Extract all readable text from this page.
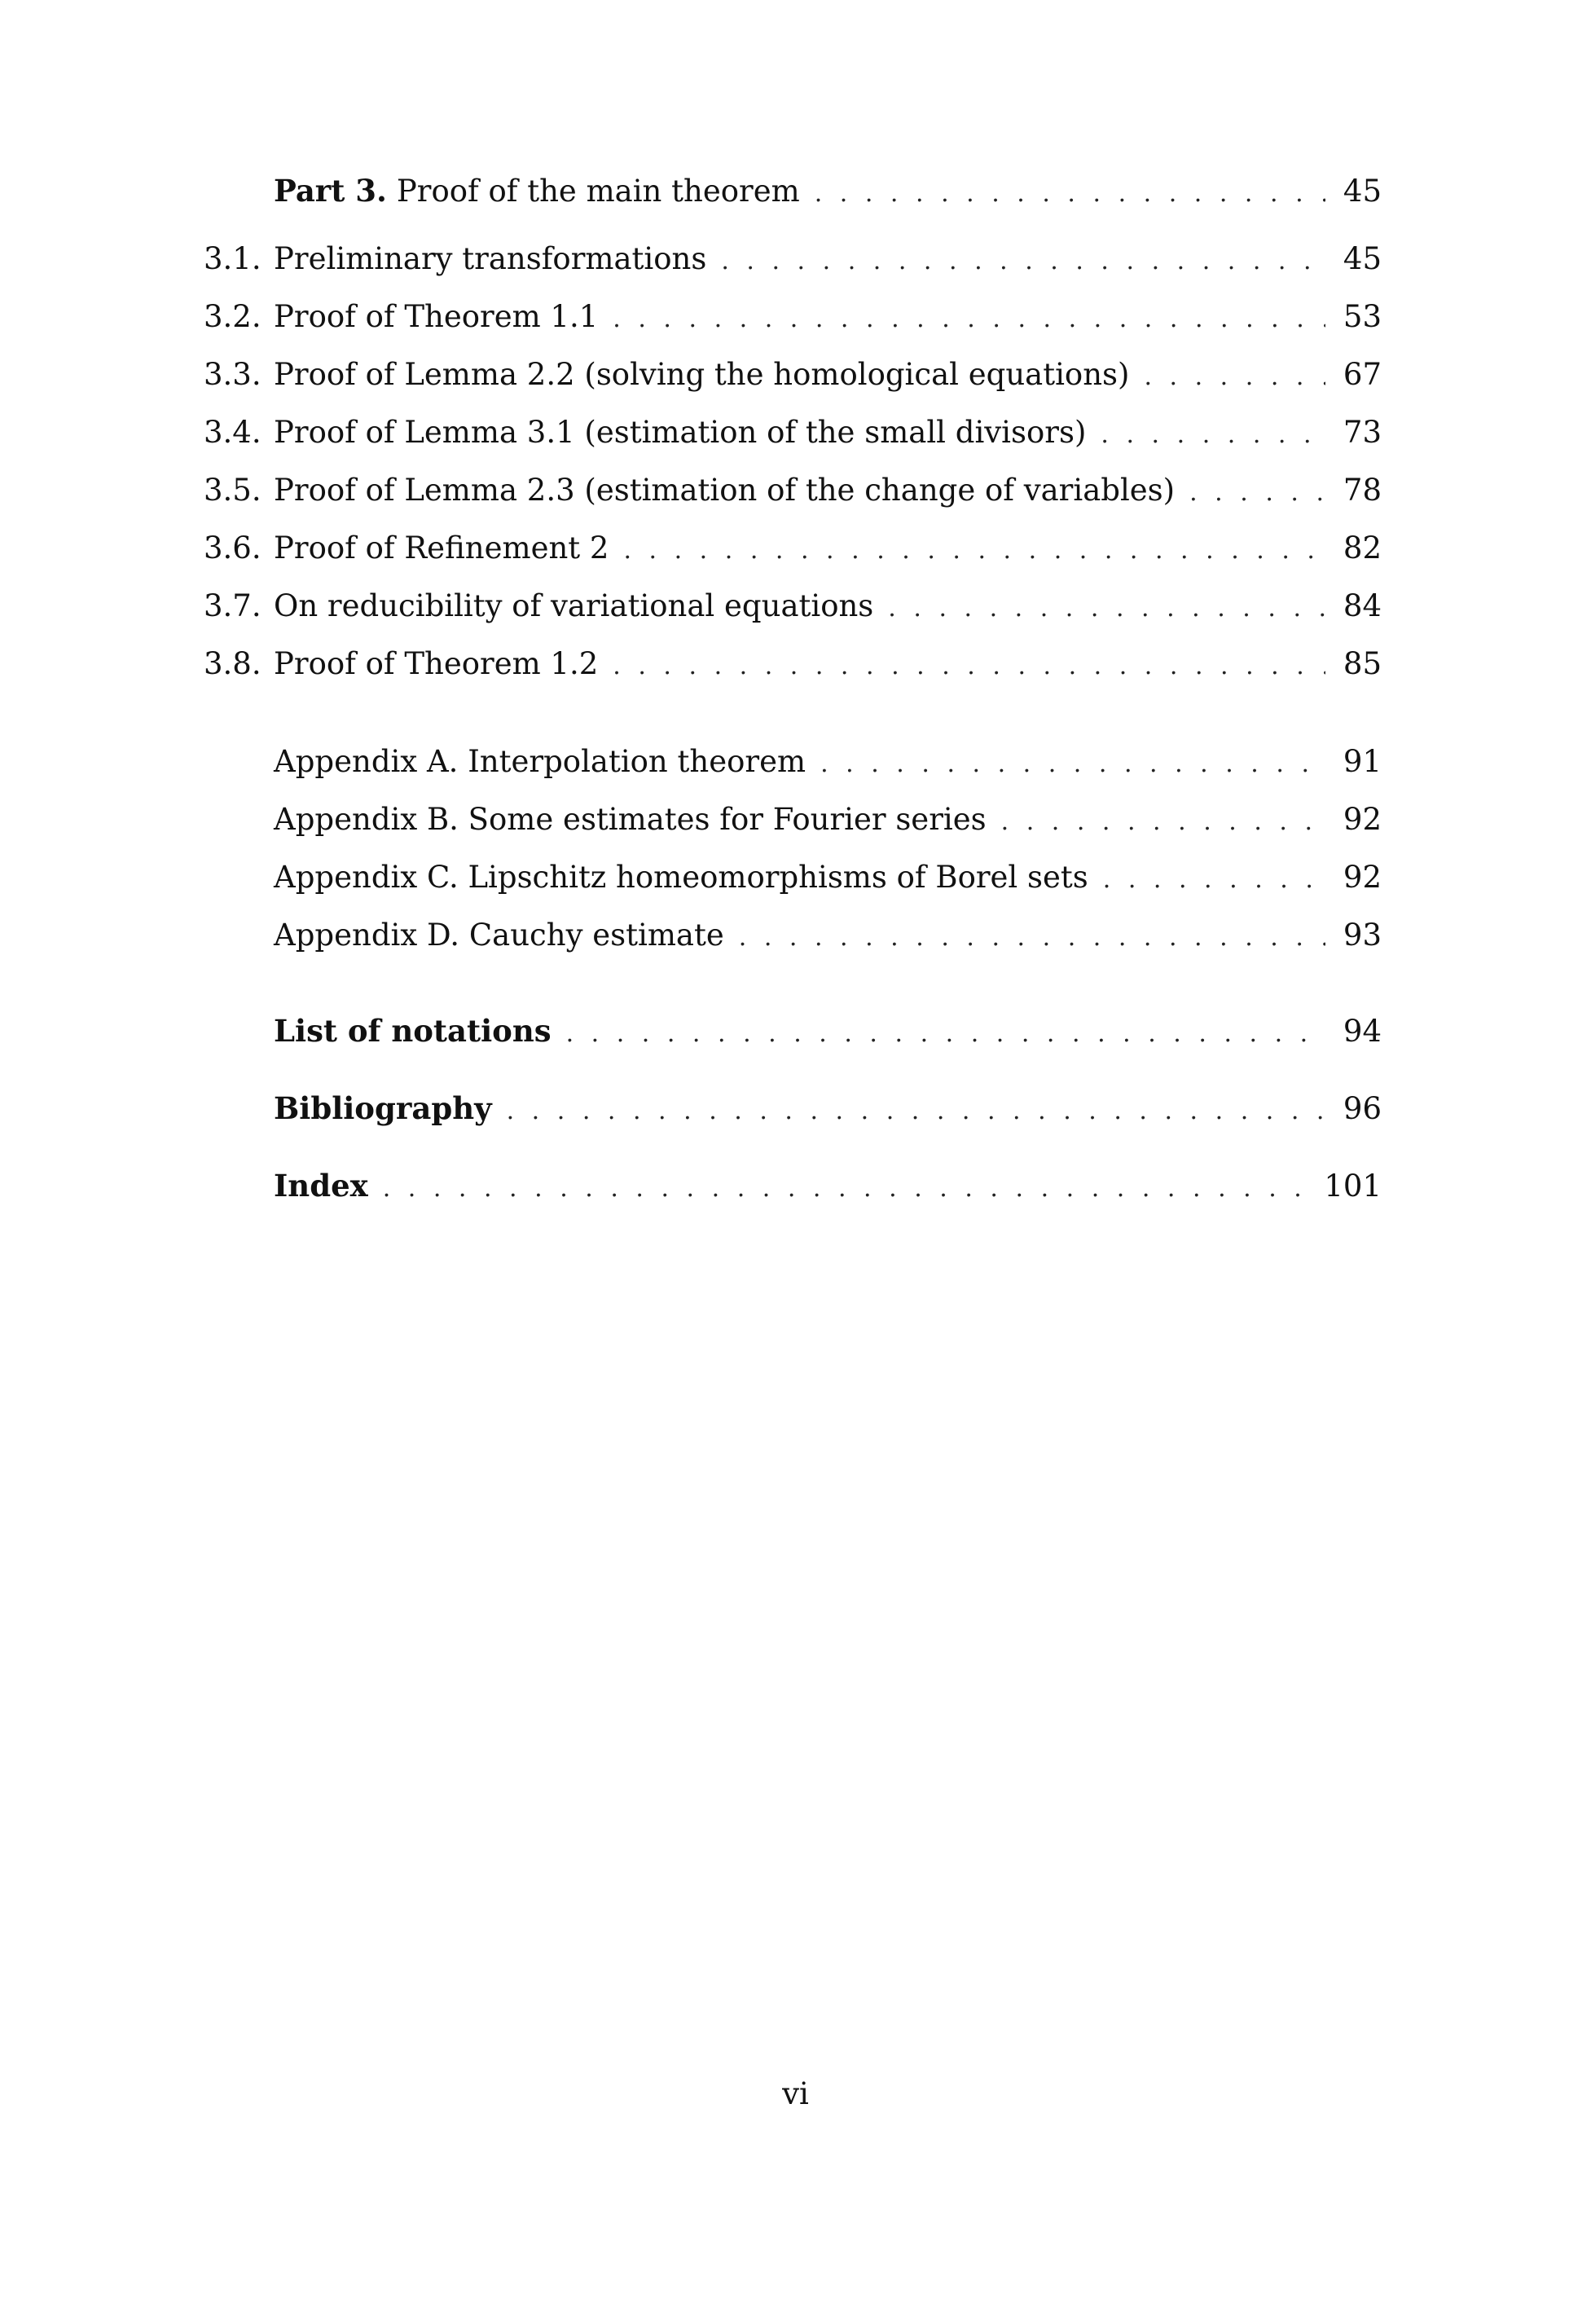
Part 3. Proof of the main theorem . . .	45
3.1. Preliminary transformations . . .	45
3.2. Proof of Theorem 1.1 . . .	53
3.3. Proof of Lemma 2.2 (solving the homological equations) . . .	67
3.4. Proof of Lemma 3.1 (estimation of the small divisors) . . .	73
3.5. Proof of Lemma 2.3 (estimation of the change of variables) . . .	78
3.6. Proof of Refinement 2 . . .	82
3.7. On reducibility of variational equations . . .	84
3.8. Proof of Theorem 1.2 . . .	85
Appendix A. Interpolation theorem . . .	91
Appendix B. Some estimates for Fourier series . . .	92
Appendix C. Lipschitz homeomorphisms of Borel sets . . .	92
Appendix D. Cauchy estimate . . .	93
List of notations . . .	94
Bibliography . . .	96
Index . . .	101
vi
